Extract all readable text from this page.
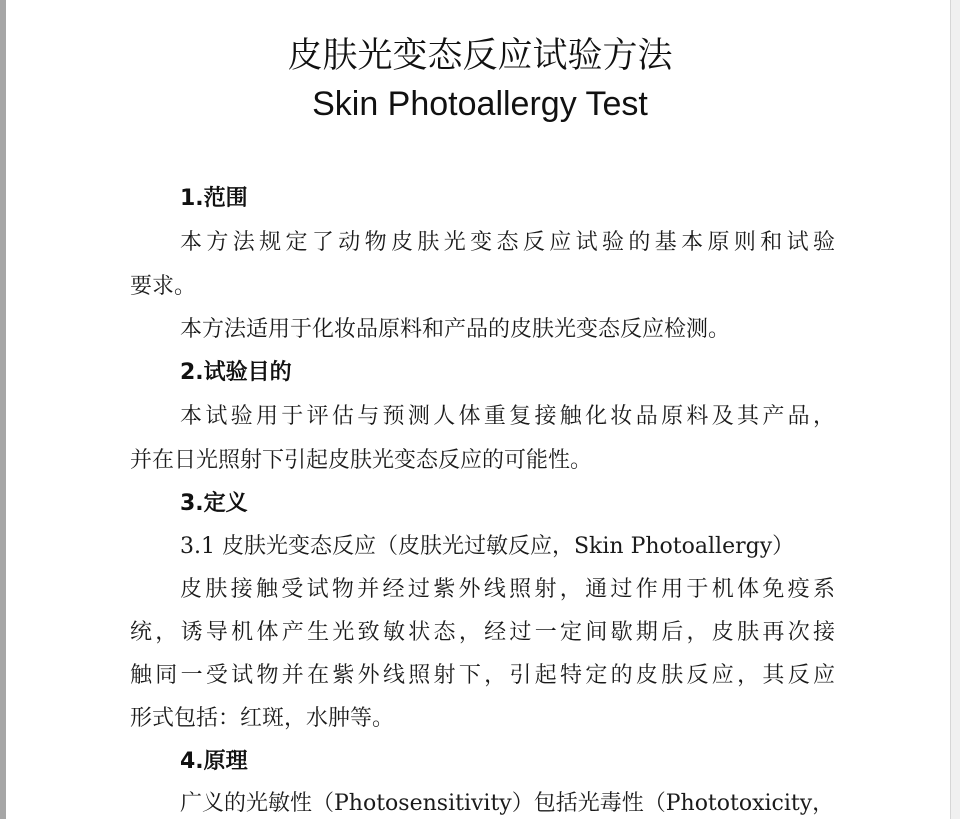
皮肤光变态反应试验方法
Skin Photoallergy Test
1.范围
本方法规定了动物皮肤光变态反应试验的基本原则和试验
要求。
本方法适用于化妆品原料和产品的皮肤光变态反应检测。
2.试验目的
本试验用于评估与预测人体重复接触化妆品原料及其产品，
并在日光照射下引起皮肤光变态反应的可能性。
3.定义
3.1 皮肤光变态反应（皮肤光过敏反应，Skin Photoallergy）
皮肤接触受试物并经过紫外线照射，通过作用于机体免疫系
统，诱导机体产生光致敏状态，经过一定间歇期后，皮肤再次接
触同一受试物并在紫外线照射下，引起特定的皮肤反应，其反应
形式包括：红斑，水肿等。
4.原理
广义的光敏性（Photosensitivity）包括光毒性（Phototoxicity，
